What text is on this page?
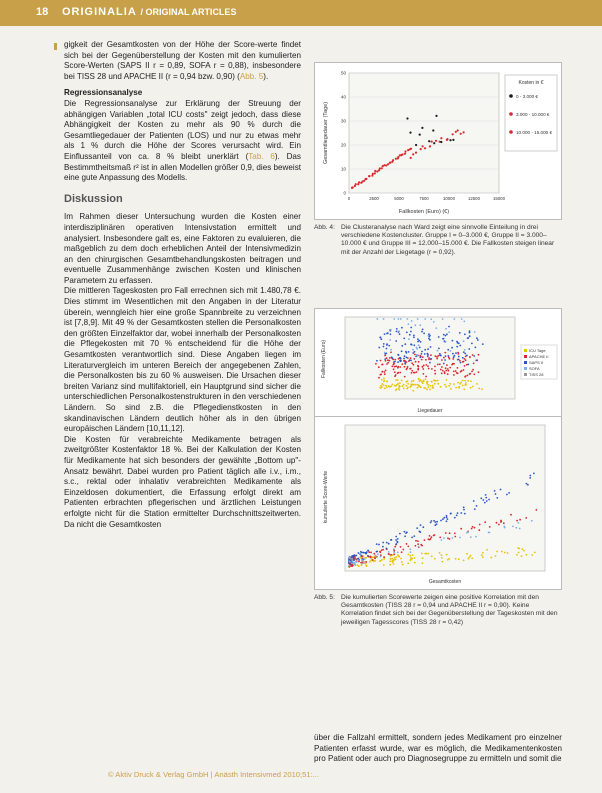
18 ORIGINALIA / ORIGINAL ARTICLES

gigkeit der Gesamtkosten von der Höhe der Score-werte findet sich bei der Gegenüberstellung der Kosten mit den kumulierten Score-Werten (SAPS II r = 0,89, SOFA r = 0,88), insbesondere bei TISS 28 und APACHE II (r = 0,94 bzw. 0,90) (Abb. 5).

Regressionsanalyse

Die Regressionsanalyse zur Erklärung der Streuung der abhängigen Variablen „total ICU costs" zeigt jedoch, dass diese Abhängigkeit der Kosten zu mehr als 90 % durch die Gesamtliegedauer der Patienten (LOS) und nur zu etwas mehr als 1 % durch die Höhe der Scores verursacht wird. Ein Einflussanteil von ca. 8 % bleibt unerklärt (Tab. 6). Das Bestimmtheitsmaß r² ist in allen Modellen größer 0,9, dies beweist eine gute Anpassung des Modells.

Diskussion

Im Rahmen dieser Untersuchung wurden die Kosten einer interdisziplinären operativen Intensivstation ermittelt und analysiert. Insbesondere galt es, eine Faktoren zu evaluieren, die maßgeblich zu dem doch erheblichen Anteil der Intensivmedizin an den chirurgischen Gesamtbehandlungskosten beitragen und eventuelle Zusammenhänge zwischen Kosten und klinischen Parametern zu erfassen.

Die mittleren Tageskosten pro Fall errechnen sich mit 1.480,78 €. Dies stimmt im Wesentlichen mit den Angaben in der Literatur überein, wenngleich hier eine große Spannbreite zu verzeichnen ist [7,8,9]. Mit 49 % der Gesamtkosten stellen die Personalkosten den größten Einzelfaktor dar, wobei innerhalb der Personalkosten die Pflegekosten mit 70 % entscheidend für die Höhe der Gesamtkosten verantwortlich sind. Diese Angaben liegen im Literaturvergleich im unteren Bereich der angegebenen Zahlen, die Personalkosten bis zu 60 % ausweisen. Die Ursachen dieser breiten Varianz sind multifaktoriell, ein Hauptgrund sind sicher die unterschiedlichen Personalkostenstrukturen in den verschiedenen Ländern. So sind z.B. die Pflegedienstkosten in den skandinavischen Ländern deutlich höher als in den übrigen europäischen Ländern [10,11,12].

Die Kosten für verabreichte Medikamente betragen als zweitgrößter Kostenfaktor 18 %. Bei der Kalkulation der Kosten für Medikamente hat sich besonders der gewählte „Bottom up"-Ansatz bewährt. Dabei wurden pro Patient täglich alle i.v., i.m., s.c., rektal oder inhalativ verabreichten Medikamente als Einzeldosen dokumentiert, die Erfassung erfolgt direkt am Patienten erbrachten pflegerischen und ärztlichen Leistungen erfolgte nicht für die Station ermittelter Durchschnittszeitwerten. Da nicht die Gesamtkosten

0
10
20
30
40
50
0	2500	5000	7500	10000	12500	15000
Gesamtliegedauer (Tage)
Fallkosten (Euro) (€)
Kosten in €
0 - 3.000 €
3.000 - 10.000 €
10.000 - 15.000 €
Abb. 4: Die Clusteranalyse nach Ward zeigt eine sinnvolle Einteilung in drei verschiedene Kostencluster. Gruppe I = 0–3.000 €, Gruppe II = 3.000–10.000 € und Gruppe III = 12.000–15.000 €. Die Fallkosten steigen linear mit der Anzahl der Liegetage (r = 0,92).
Fallkosten (Euro)
Liegedauer
ICU Tage
APACHE II
SAPS II
SOFA
TISS 28
kumulierte Score-Werte
Gesamtkosten
Abb. 5: Die kumulierten Scorewerte zeigen eine positive Korrelation mit den Gesamtkosten (TISS 28 r = 0,94 und APACHE II r = 0,90). Keine Korrelation findet sich bei der Gegenüberstellung der Tageskosten mit den jeweiligen Tagesscores (TISS 28 r = 0,42)
über die Fallzahl ermittelt, sondern jedes Medikament pro einzelner Patienten erfasst wurde, war es möglich, die Medikamentenkosten pro Patient oder auch pro Diagnosegruppe zu ermitteln und somit die
© Aktiv Druck & Verlag GmbH | Anästh Intensivmed 2010;51:...
